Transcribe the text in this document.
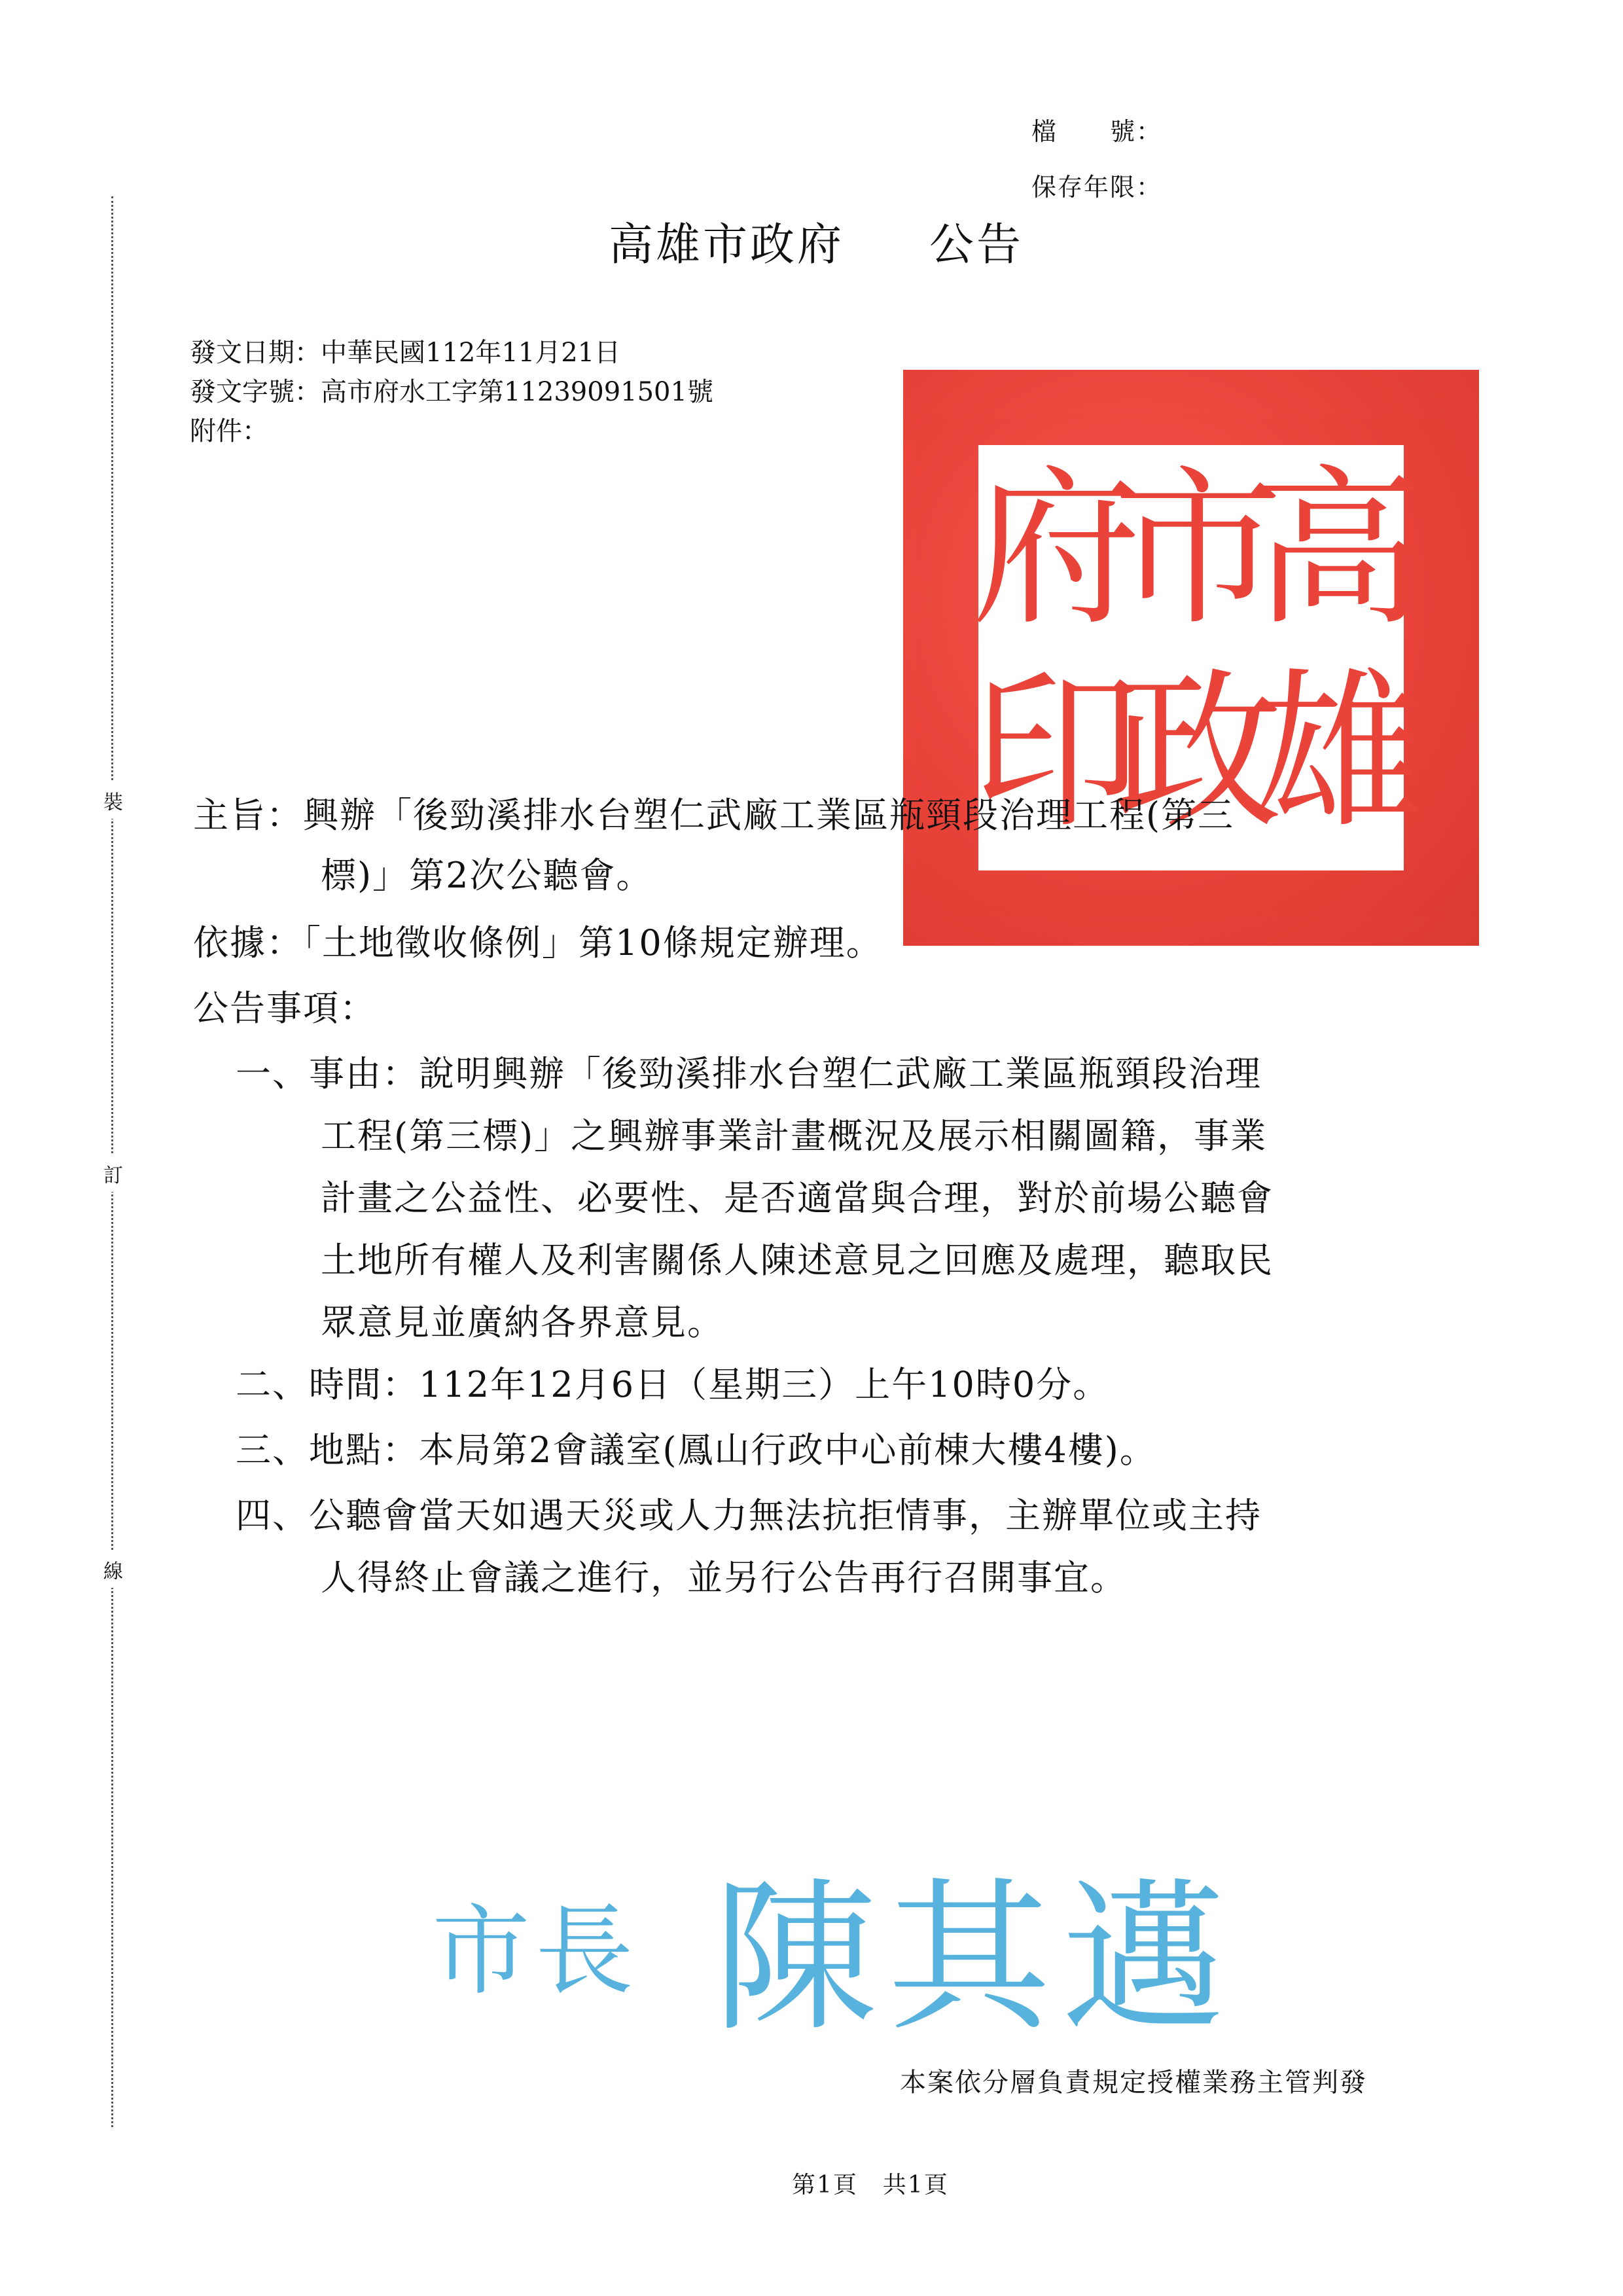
檔　　號：
保存年限：
高雄市政府 公告
發文日期：中華民國112年11月21日
發文字號：高市府水工字第11239091501號
附件：
裝
訂
線
高
雄
市
政
府
印
主旨：興辦「後勁溪排水台塑仁武廠工業區瓶頸段治理工程(第三
標)」第2次公聽會。
依據：「土地徵收條例」第10條規定辦理。
公告事項：
一、事由：說明興辦「後勁溪排水台塑仁武廠工業區瓶頸段治理
工程(第三標)」之興辦事業計畫概況及展示相關圖籍，事業
計畫之公益性、必要性、是否適當與合理，對於前場公聽會
土地所有權人及利害關係人陳述意見之回應及處理，聽取民
眾意見並廣納各界意見。
二、時間：112年12月6日（星期三）上午10時0分。
三、地點：本局第2會議室(鳳山行政中心前棟大樓4樓)。
四、公聽會當天如遇天災或人力無法抗拒情事，主辦單位或主持
人得終止會議之進行，並另行公告再行召開事宜。
市長 陳其邁
本案依分層負責規定授權業務主管判發
第1頁　共1頁
